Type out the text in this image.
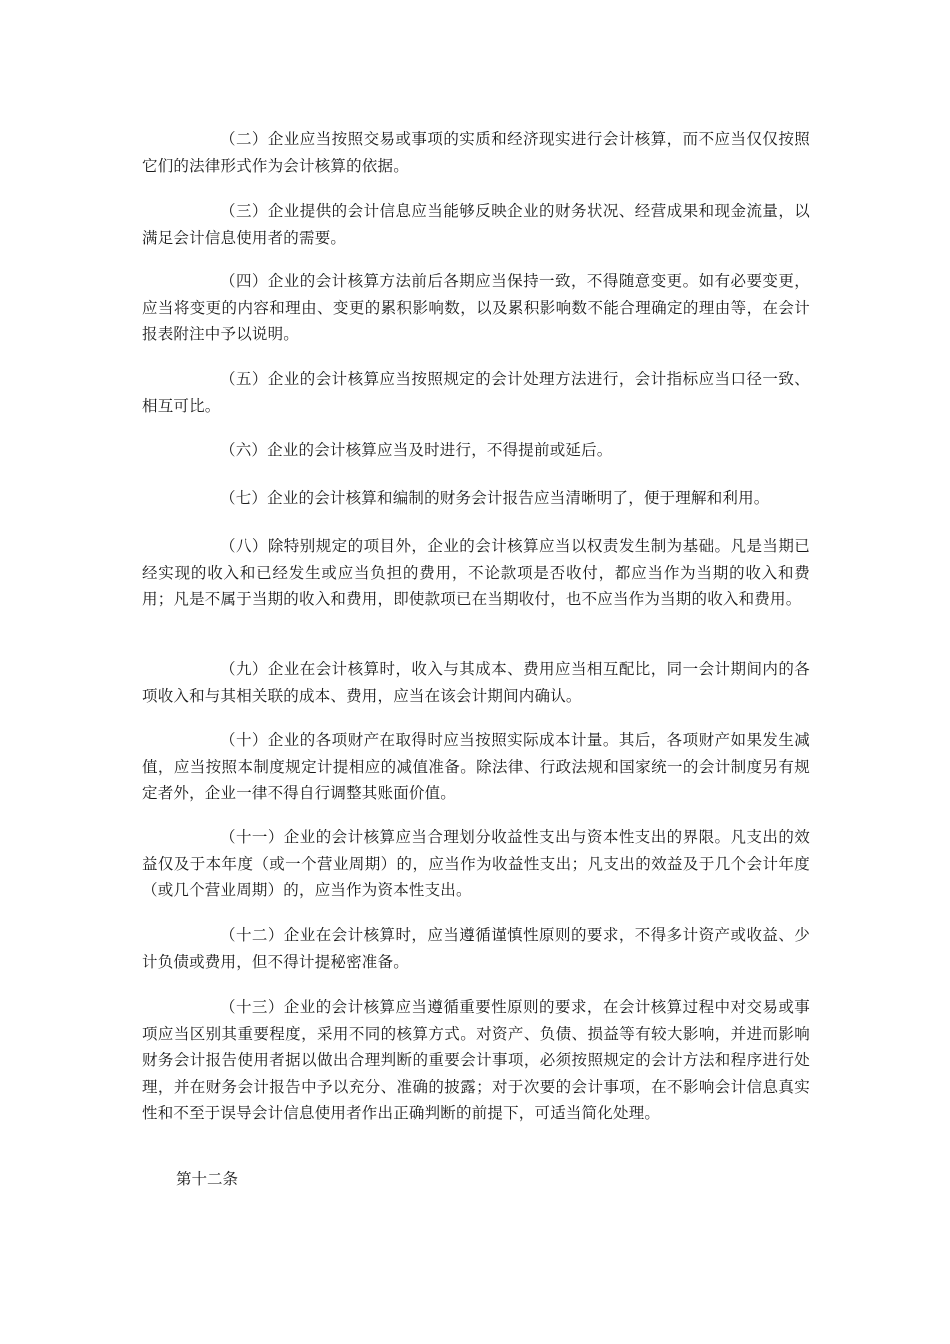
（二）企业应当按照交易或事项的实质和经济现实进行会计核算，而不应当仅仅按照它们的法律形式作为会计核算的依据。

（三）企业提供的会计信息应当能够反映企业的财务状况、经营成果和现金流量，以满足会计信息使用者的需要。

（四）企业的会计核算方法前后各期应当保持一致，不得随意变更。如有必要变更，应当将变更的内容和理由、变更的累积影响数，以及累积影响数不能合理确定的理由等，在会计报表附注中予以说明。

（五）企业的会计核算应当按照规定的会计处理方法进行，会计指标应当口径一致、相互可比。

（六）企业的会计核算应当及时进行，不得提前或延后。

（七）企业的会计核算和编制的财务会计报告应当清晰明了，便于理解和利用。

（八）除特别规定的项目外，企业的会计核算应当以权责发生制为基础。凡是当期已经实现的收入和已经发生或应当负担的费用，不论款项是否收付，都应当作为当期的收入和费用；凡是不属于当期的收入和费用，即使款项已在当期收付，也不应当作为当期的收入和费用。

（九）企业在会计核算时，收入与其成本、费用应当相互配比，同一会计期间内的各项收入和与其相关联的成本、费用，应当在该会计期间内确认。

（十）企业的各项财产在取得时应当按照实际成本计量。其后，各项财产如果发生减值，应当按照本制度规定计提相应的减值准备。除法律、行政法规和国家统一的会计制度另有规定者外，企业一律不得自行调整其账面价值。

（十一）企业的会计核算应当合理划分收益性支出与资本性支出的界限。凡支出的效益仅及于本年度（或一个营业周期）的，应当作为收益性支出；凡支出的效益及于几个会计年度（或几个营业周期）的，应当作为资本性支出。

（十二）企业在会计核算时，应当遵循谨慎性原则的要求，不得多计资产或收益、少计负债或费用，但不得计提秘密准备。

（十三）企业的会计核算应当遵循重要性原则的要求，在会计核算过程中对交易或事项应当区别其重要程度，采用不同的核算方式。对资产、负债、损益等有较大影响，并进而影响财务会计报告使用者据以做出合理判断的重要会计事项，必须按照规定的会计方法和程序进行处理，并在财务会计报告中予以充分、准确的披露；对于次要的会计事项，在不影响会计信息真实性和不至于误导会计信息使用者作出正确判断的前提下，可适当简化处理。

第十二条
